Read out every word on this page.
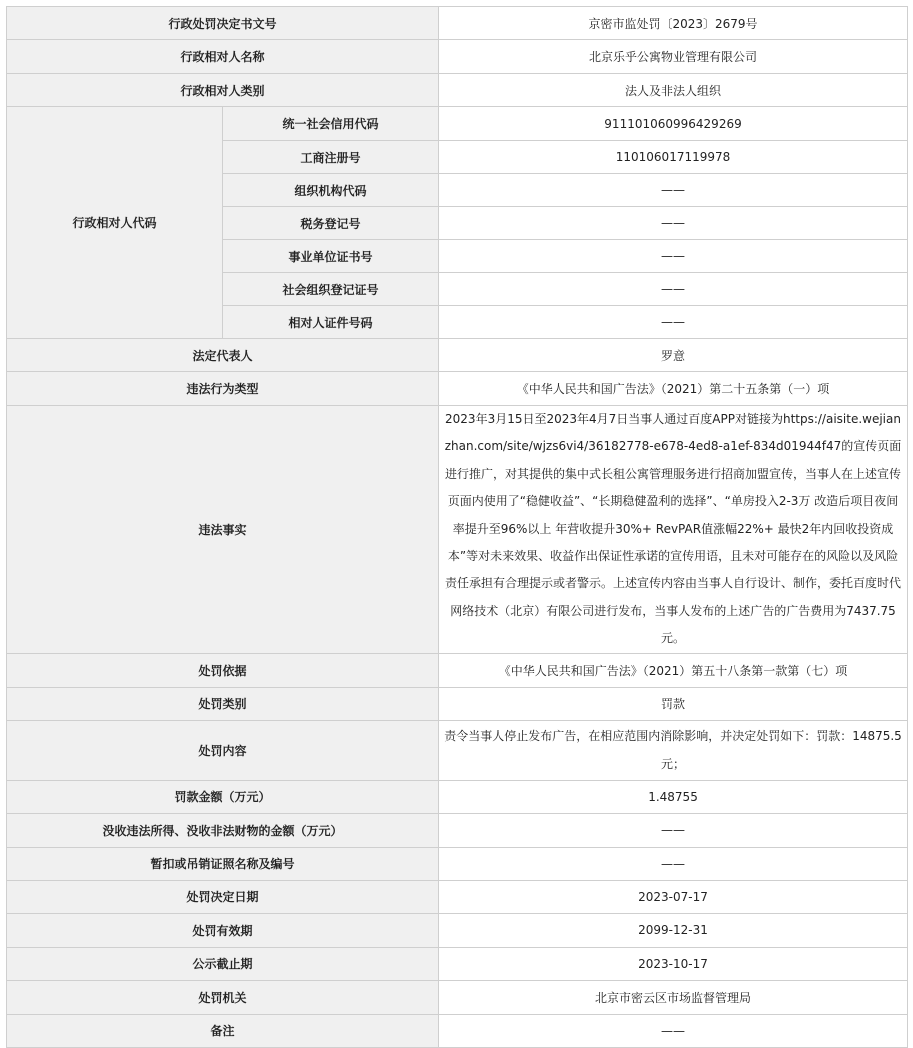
行政处罚决定书文号		京密市监处罚〔2023〕2679号
行政相对人名称		北京乐乎公寓物业管理有限公司
行政相对人类别		法人及非法人组织
行政相对人代码	统一社会信用代码	911101060996429269
	工商注册号	110106017119978
	组织机构代码	——
	税务登记号	——
	事业单位证书号	——
	社会组织登记证号	——
	相对人证件号码	——
法定代表人		罗意
违法行为类型		《中华人民共和国广告法》（2021）第二十五条第（一）项
违法事实		2023年3月15日至2023年4月7日当事人通过百度APP对链接为https://aisite.wejianzhan.com/site/wjzs6vi4/36182778-e678-4ed8-a1ef-834d01944f47的宣传页面进行推广，对其提供的集中式长租公寓管理服务进行招商加盟宣传，当事人在上述宣传页面内使用了“稳健收益”、“长期稳健盈利的选择”、“单房投入2-3万 改造后项目夜间率提升至96%以上 年营收提升30%+ RevPAR值涨幅22%+ 最快2年内回收投资成本”等对未来效果、收益作出保证性承诺的宣传用语，且未对可能存在的风险以及风险责任承担有合理提示或者警示。上述宣传内容由当事人自行设计、制作，委托百度时代网络技术（北京）有限公司进行发布，当事人发布的上述广告的广告费用为7437.75元。
处罚依据		《中华人民共和国广告法》（2021）第五十八条第一款第（七）项
处罚类别		罚款
处罚内容		责令当事人停止发布广告，在相应范围内消除影响，并决定处罚如下：罚款：14875.5元；
罚款金额（万元）		1.48755
没收违法所得、没收非法财物的金额（万元）		——
暂扣或吊销证照名称及编号		——
处罚决定日期		2023-07-17
处罚有效期		2099-12-31
公示截止期		2023-10-17
处罚机关		北京市密云区市场监督管理局
备注		——
